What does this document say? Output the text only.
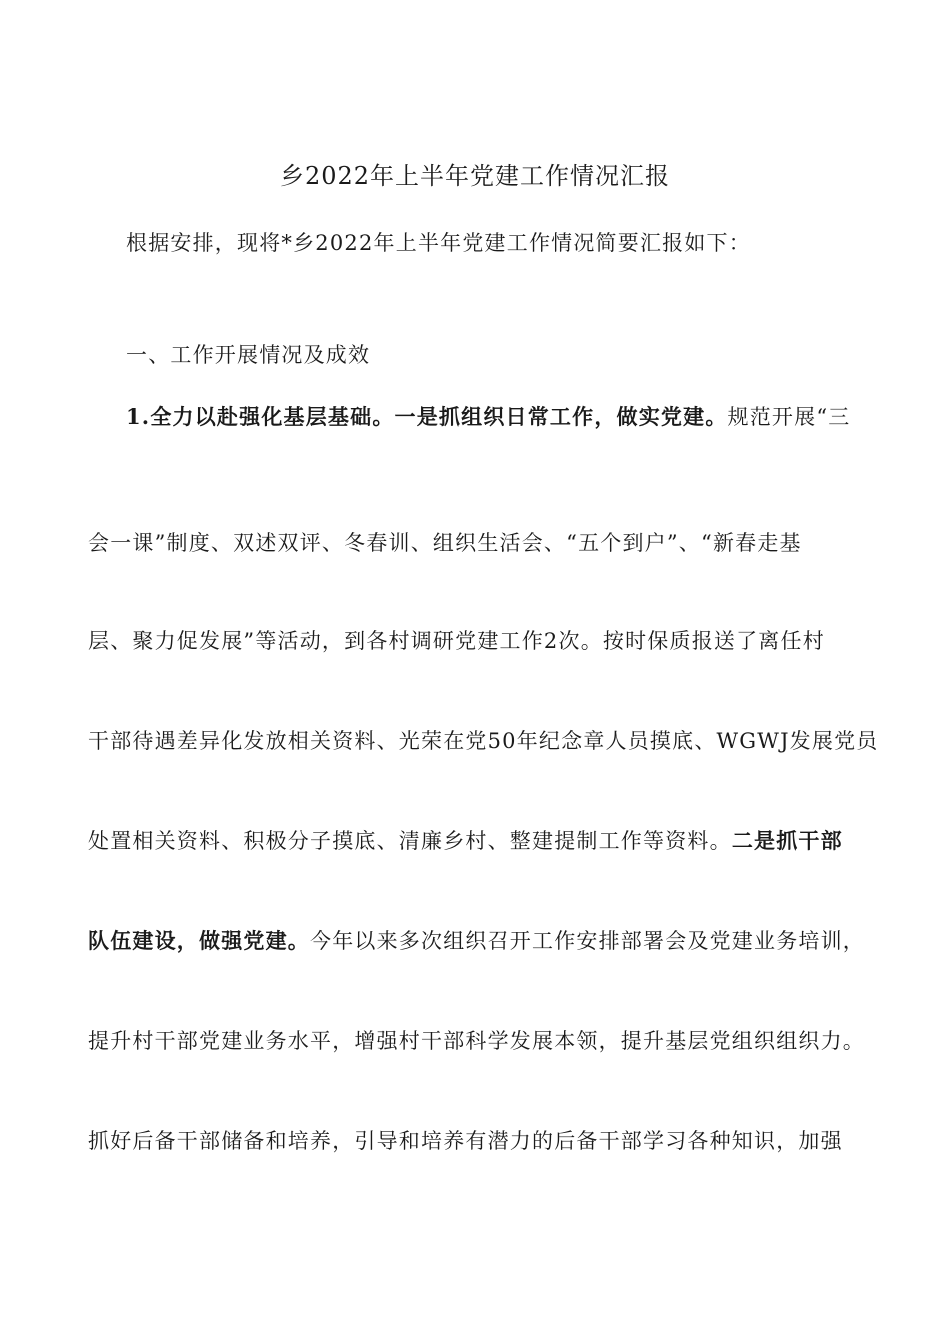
乡2022年上半年党建工作情况汇报
根据安排，现将*乡2022年上半年党建工作情况简要汇报如下：
一、工作开展情况及成效
1.全力以赴强化基层基础。一是抓组织日常工作，做实党建。规范开展“三
会一课”制度、双述双评、冬春训、组织生活会、“五个到户”、“新春走基
层、聚力促发展”等活动，到各村调研党建工作2次。按时保质报送了离任村
干部待遇差异化发放相关资料、光荣在党50年纪念章人员摸底、WGWJ发展党员
处置相关资料、积极分子摸底、清廉乡村、整建提制工作等资料。二是抓干部
队伍建设，做强党建。今年以来多次组织召开工作安排部署会及党建业务培训，
提升村干部党建业务水平，增强村干部科学发展本领，提升基层党组织组织力。
抓好后备干部储备和培养，引导和培养有潜力的后备干部学习各种知识，加强
